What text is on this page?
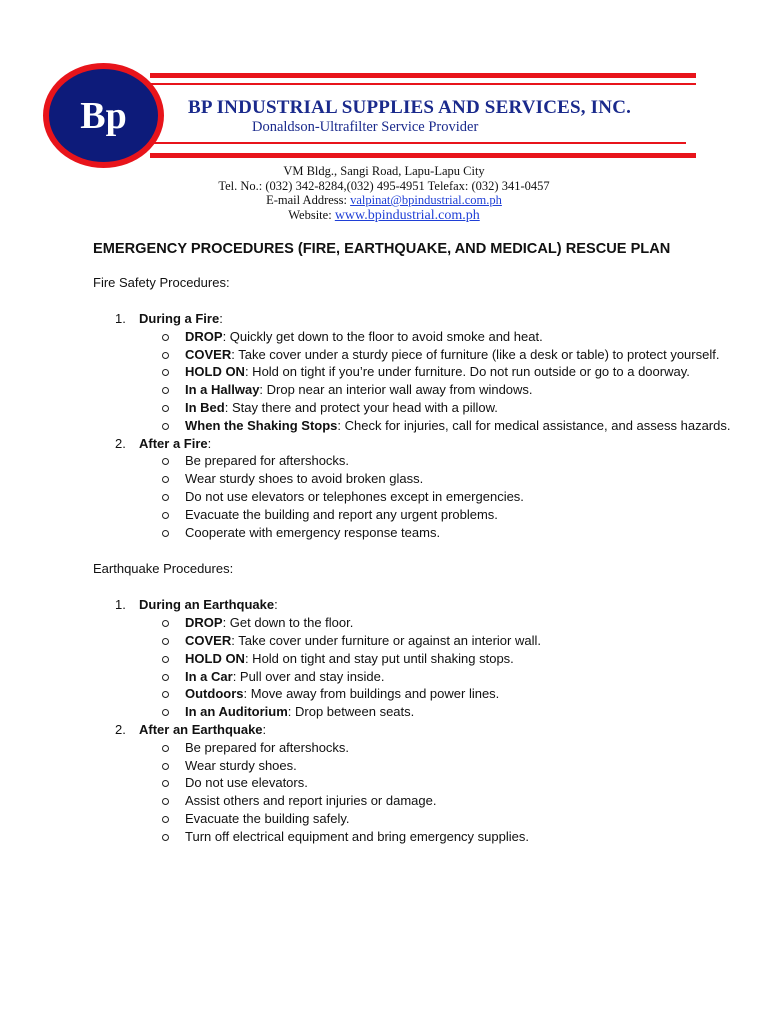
Bp	BP INDUSTRIAL SUPPLIES AND SERVICES, INC.
Donaldson-Ultrafilter Service Provider
VM Bldg., Sangi Road, Lapu-Lapu City
Tel. No.: (032) 342-8284,(032) 495-4951 Telefax: (032) 341-0457
E-mail Address: valpinat@bpindustrial.com.ph
Website: www.bpindustrial.com.ph
EMERGENCY PROCEDURES (FIRE, EARTHQUAKE, AND MEDICAL) RESCUE PLAN

Fire Safety Procedures:

1. During a Fire:
DROP: Quickly get down to the floor to avoid smoke and heat.
COVER: Take cover under a sturdy piece of furniture (like a desk or table) to protect yourself.
HOLD ON: Hold on tight if you’re under furniture. Do not run outside or go to a doorway.
In a Hallway: Drop near an interior wall away from windows.
In Bed: Stay there and protect your head with a pillow.
When the Shaking Stops: Check for injuries, call for medical assistance, and assess hazards.
2. After a Fire:
Be prepared for aftershocks.
Wear sturdy shoes to avoid broken glass.
Do not use elevators or telephones except in emergencies.
Evacuate the building and report any urgent problems.
Cooperate with emergency response teams.

Earthquake Procedures:

1. During an Earthquake:
DROP: Get down to the floor.
COVER: Take cover under furniture or against an interior wall.
HOLD ON: Hold on tight and stay put until shaking stops.
In a Car: Pull over and stay inside.
Outdoors: Move away from buildings and power lines.
In an Auditorium: Drop between seats.
2. After an Earthquake:
Be prepared for aftershocks.
Wear sturdy shoes.
Do not use elevators.
Assist others and report injuries or damage.
Evacuate the building safely.
Turn off electrical equipment and bring emergency supplies.
